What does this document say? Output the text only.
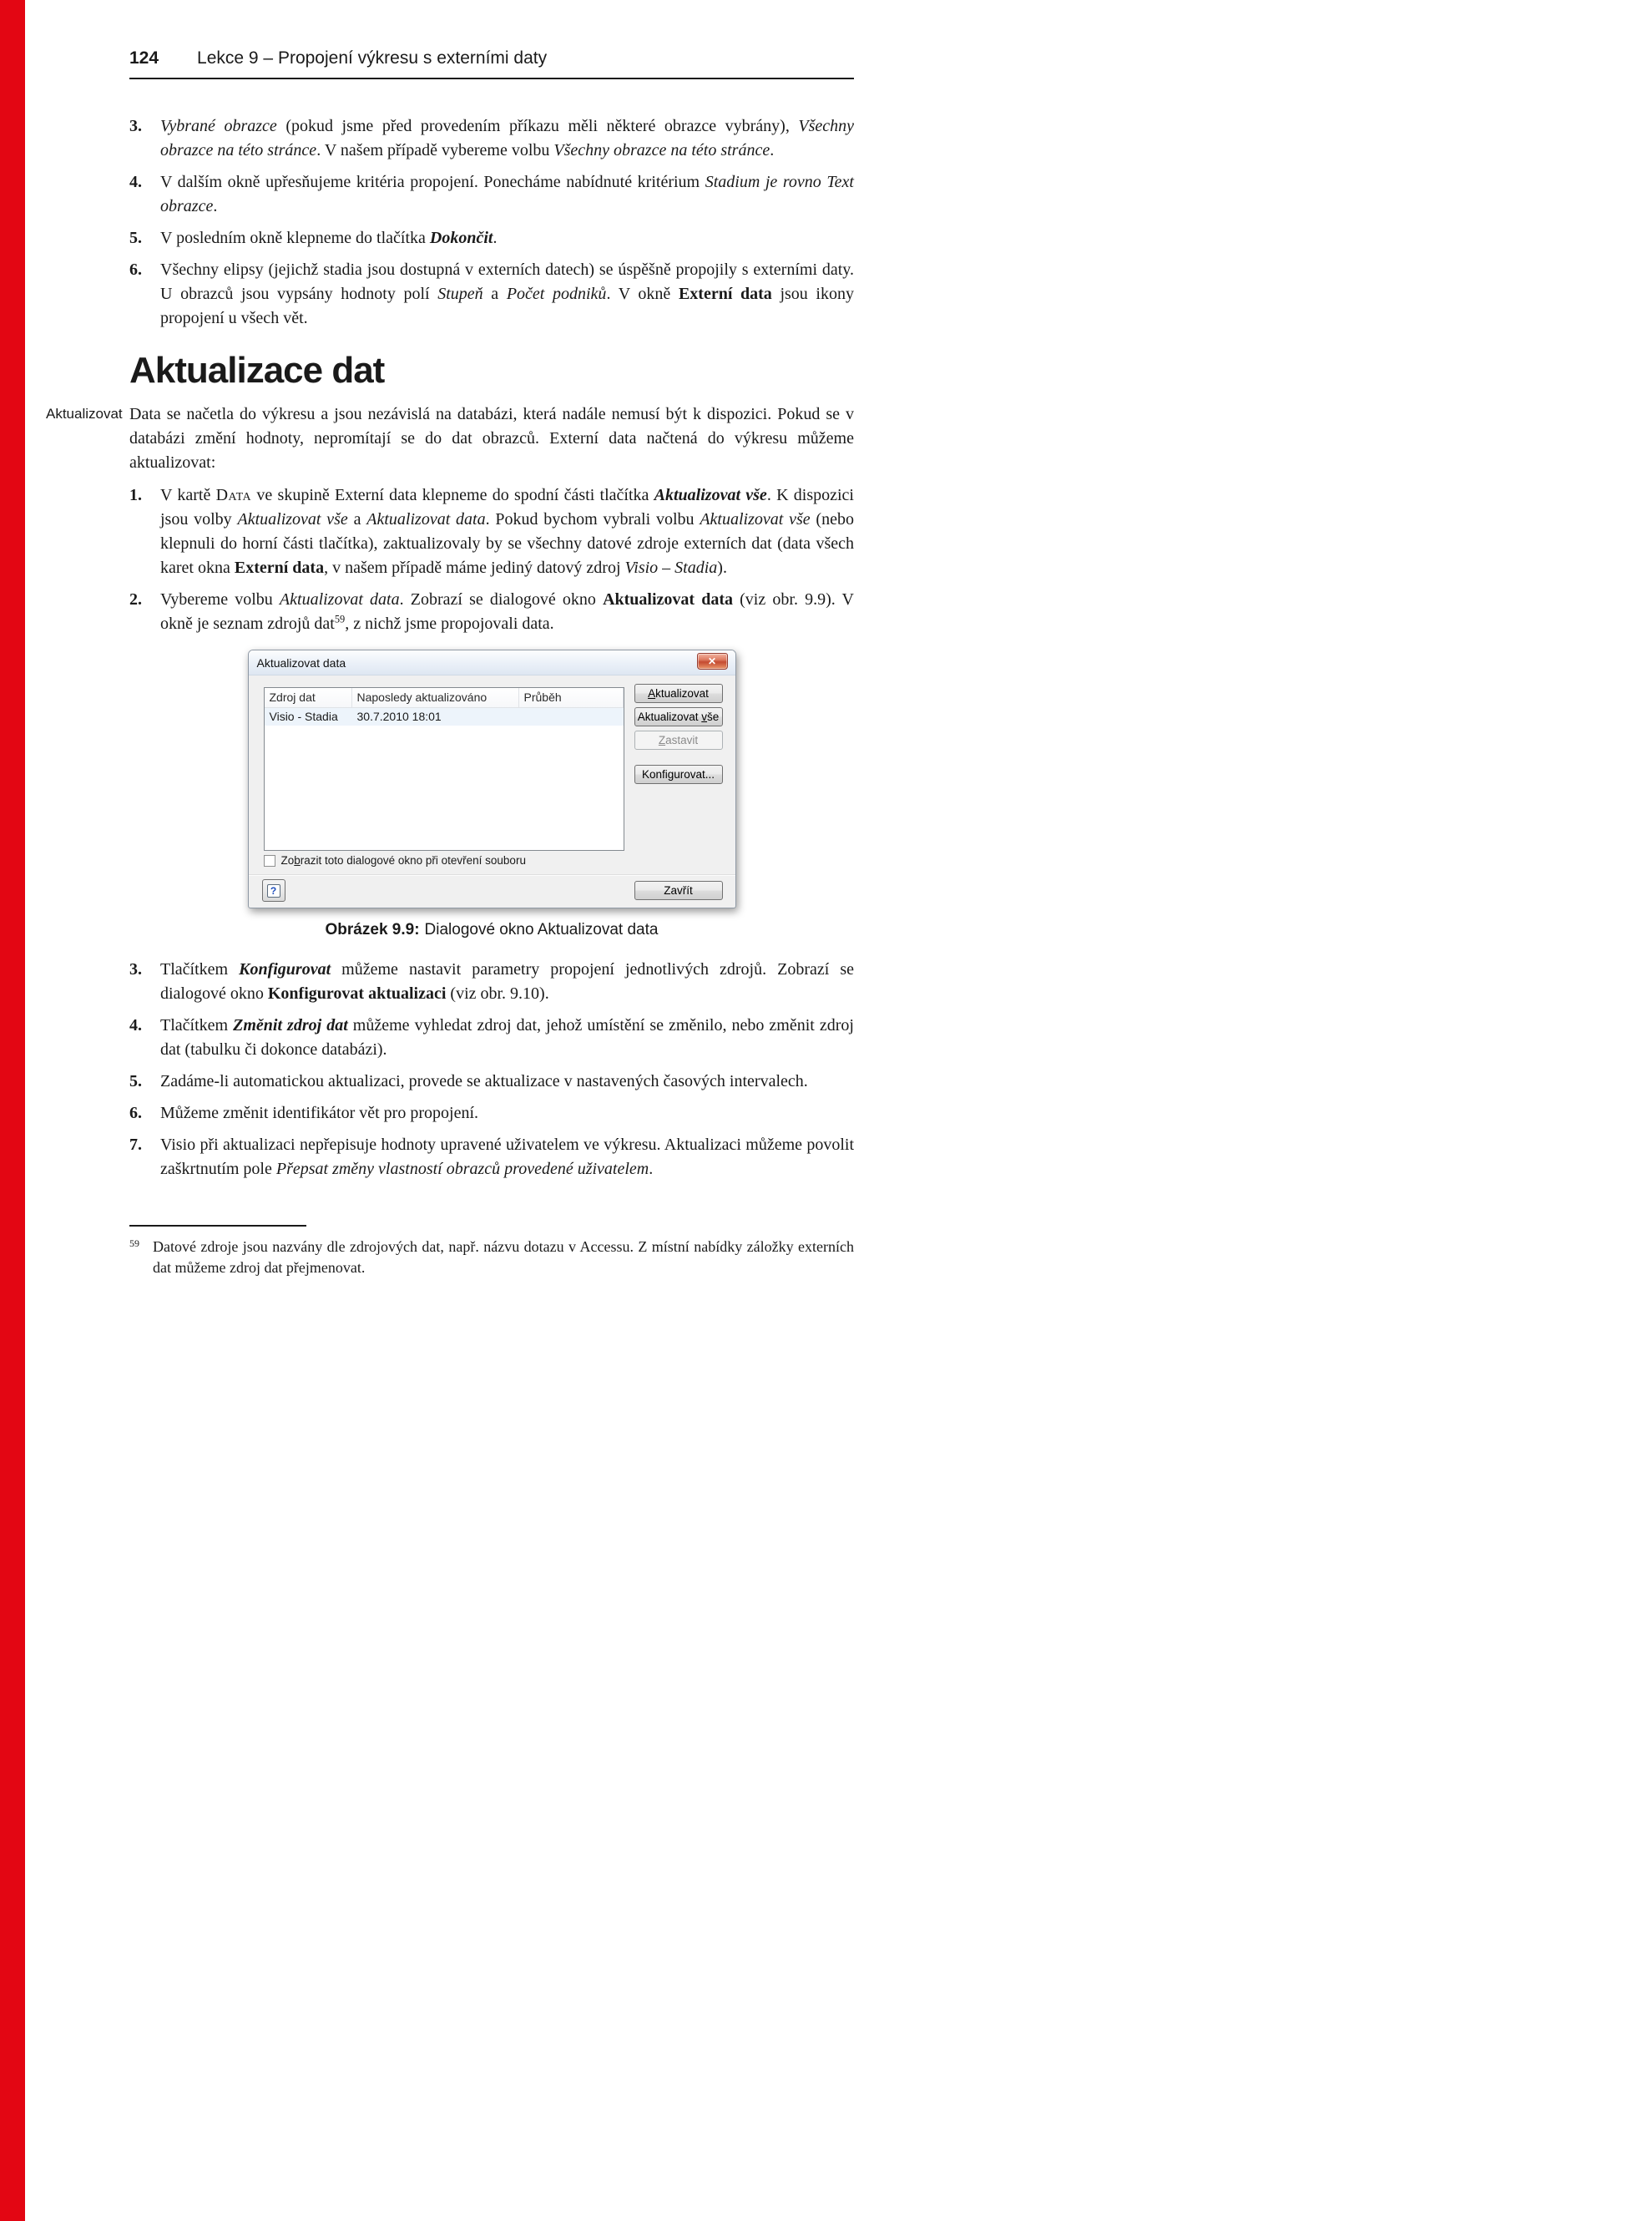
124 Lekce 9 – Propojení výkresu s externími daty
3.	Vybrané obrazce (pokud jsme před provedením příkazu měli některé obrazce vybrány), Všechny obrazce na této stránce. V našem případě vybereme volbu Všechny obrazce na této stránce.
4.	V dalším okně upřesňujeme kritéria propojení. Ponecháme nabídnuté kritérium Stadium je rovno Text obrazce.
5.	V posledním okně klepneme do tlačítka Dokončit.
6.	Všechny elipsy (jejichž stadia jsou dostupná v externích datech) se úspěšně propojily s externími daty. U obrazců jsou vypsány hodnoty polí Stupeň a Počet podniků. V okně Externí data jsou ikony propojení u všech vět.
Aktualizace dat
Aktualizovat Data se načetla do výkresu a jsou nezávislá na databázi, která nadále nemusí být k dispozici. Pokud se v databázi změní hodnoty, nepromítají se do dat obrazců. Externí data načtená do výkresu můžeme aktualizovat:

1.	V kartě Data ve skupině Externí data klepneme do spodní části tlačítka Aktualizovat vše. K dispozici jsou volby Aktualizovat vše a Aktualizovat data. Pokud bychom vybrali volbu Aktualizovat vše (nebo klepnuli do horní části tlačítka), zaktualizovaly by se všechny datové zdroje externích dat (data všech karet okna Externí data, v našem případě máme jediný datový zdroj Visio – Stadia).
2.	Vybereme volbu Aktualizovat data. Zobrazí se dialogové okno Aktualizovat data (viz obr. 9.9). V okně je seznam zdrojů dat$^{59}$, z nichž jsme propojovali data.
Aktualizovat data	✕
Zdroj dat	Naposledy aktualizováno	Průběh
Visio - Stadia	30.7.2010 18:01
Aktualizovat
Aktualizovat vše
Zastavit
Konfigurovat...
Zobrazit toto dialogové okno při otevření souboru
?	Zavřít
Obrázek 9.9: Dialogové okno Aktualizovat data
3.	Tlačítkem Konfigurovat můžeme nastavit parametry propojení jednotlivých zdrojů. Zobrazí se dialogové okno Konfigurovat aktualizaci (viz obr. 9.10).
4.	Tlačítkem Změnit zdroj dat můžeme vyhledat zdroj dat, jehož umístění se změnilo, nebo změnit zdroj dat (tabulku či dokonce databázi).
5.	Zadáme-li automatickou aktualizaci, provede se aktualizace v nastavených časových intervalech.
6.	Můžeme změnit identifikátor vět pro propojení.
7.	Visio při aktualizaci nepřepisuje hodnoty upravené uživatelem ve výkresu. Aktualizaci můžeme povolit zaškrtnutím pole Přepsat změny vlastností obrazců provedené uživatelem.
59 Datové zdroje jsou nazvány dle zdrojových dat, např. názvu dotazu v Accessu. Z místní nabídky záložky externích dat můžeme zdroj dat přejmenovat.
